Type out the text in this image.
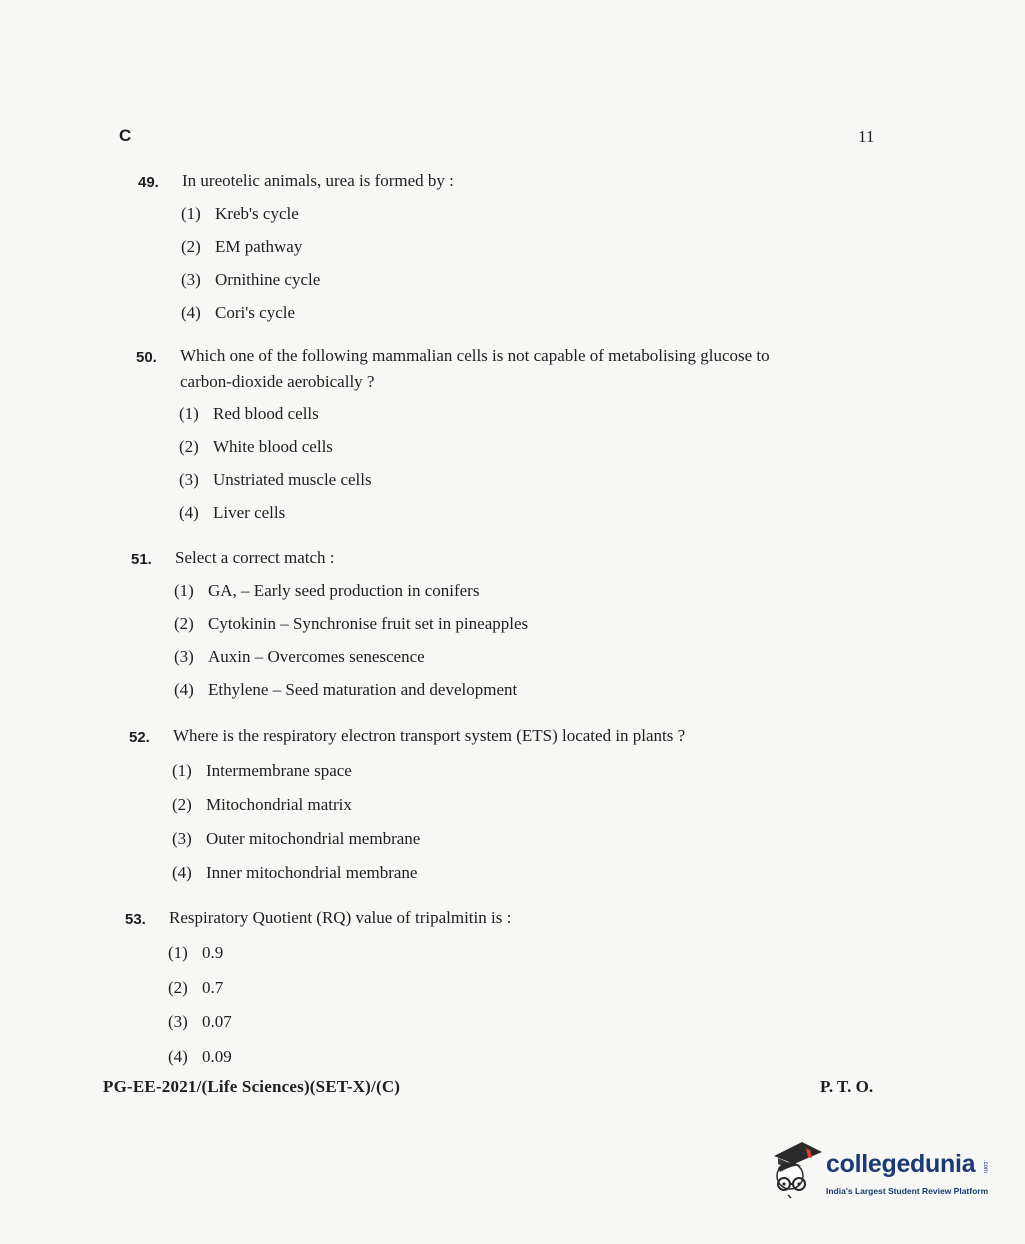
C	11
49. In ureotelic animals, urea is formed by :
(1) Kreb's cycle
(2) EM pathway
(3) Ornithine cycle
(4) Cori's cycle
50. Which one of the following mammalian cells is not capable of metabolising glucose to
carbon-dioxide aerobically ?
(1) Red blood cells
(2) White blood cells
(3) Unstriated muscle cells
(4) Liver cells
51. Select a correct match :
(1) GA, – Early seed production in conifers
(2) Cytokinin – Synchronise fruit set in pineapples
(3) Auxin – Overcomes senescence
(4) Ethylene – Seed maturation and development
52. Where is the respiratory electron transport system (ETS) located in plants ?
(1) Intermembrane space
(2) Mitochondrial matrix
(3) Outer mitochondrial membrane
(4) Inner mitochondrial membrane
53. Respiratory Quotient (RQ) value of tripalmitin is :
(1) 0.9
(2) 0.7
(3) 0.07
(4) 0.09
PG-EE-2021/(Life Sciences)(SET-X)/(C)	P. T. O.
collegedunia .com
India's Largest Student Review Platform
